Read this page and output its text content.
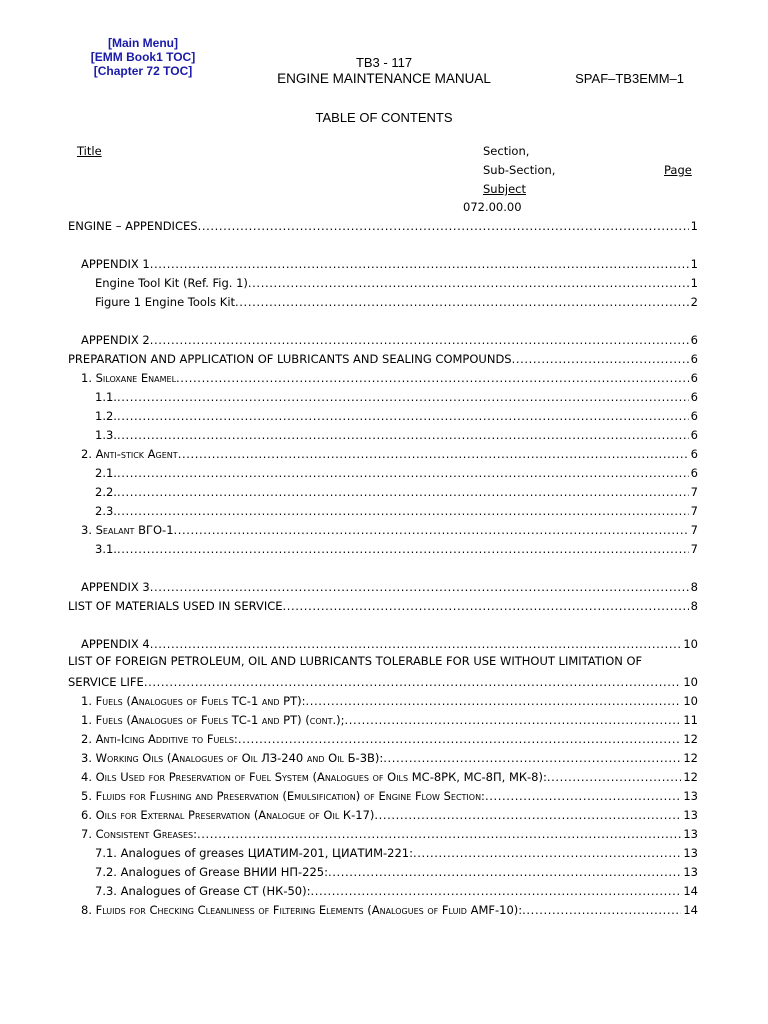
[Main Menu]
[EMM Book1 TOC]
[Chapter 72 TOC]
ТВ3 - 117
ENGINE MAINTENANCE MANUAL	SPAF–TB3EMM–1
TABLE OF CONTENTS
Title	Section,
Sub-Section,
Subject
Page
072.00.00
ENGINE – APPENDICES .....	1
APPENDIX 1 .....	1
Engine Tool Kit (Ref. Fig. 1) .....	1
Figure 1 Engine Tools Kit .....	2
APPENDIX 2 .....	6
PREPARATION AND APPLICATION OF LUBRICANTS AND SEALING COMPOUNDS .....	6
1. Siloxane Enamel .....	6
1.1. .....	6
1.2. .....	6
1.3. .....	6
2. Anti-stick Agent .....	6
2.1. .....	6
2.2. .....	7
2.3. .....	7
3. Sealant ВГО-1 .....	7
3.1. .....	7
APPENDIX 3 .....	8
LIST OF MATERIALS USED IN SERVICE .....	8
APPENDIX 4 .....	10
LIST OF FOREIGN PETROLEUM, OIL AND LUBRICANTS TOLERABLE FOR USE WITHOUT LIMITATION OF
SERVICE LIFE .....	10
1. Fuels (Analogues of Fuels ТС-1 and РТ): .....	10
1. Fuels (Analogues of Fuels ТС-1 and РТ) (cont.); .....	11
2. Anti-Icing Additive to Fuels: .....	12
3. Working Oils (Analogues of Oil ЛЗ-240 and Oil Б-3В): .....	12
4. Oils Used for Preservation of Fuel System (Analogues of Oils МС-8РК, МС-8П, МК-8): .....	12
5. Fluids for Flushing and Preservation (Emulsification) of Engine Flow Section: .....	13
6. Oils for External Preservation (Analogue of Oil К-17) .....	13
7. Consistent Greases: .....	13
7.1. Analogues of greases ЦИАТИМ-201, ЦИАТИМ-221: .....	13
7.2. Analogues of Grease ВНИИ НП-225: .....	13
7.3. Analogues of Grease СТ (НК-50): .....	14
8. Fluids for Checking Cleanliness of Filtering Elements (Analogues of Fluid AMF-10): .....	14
